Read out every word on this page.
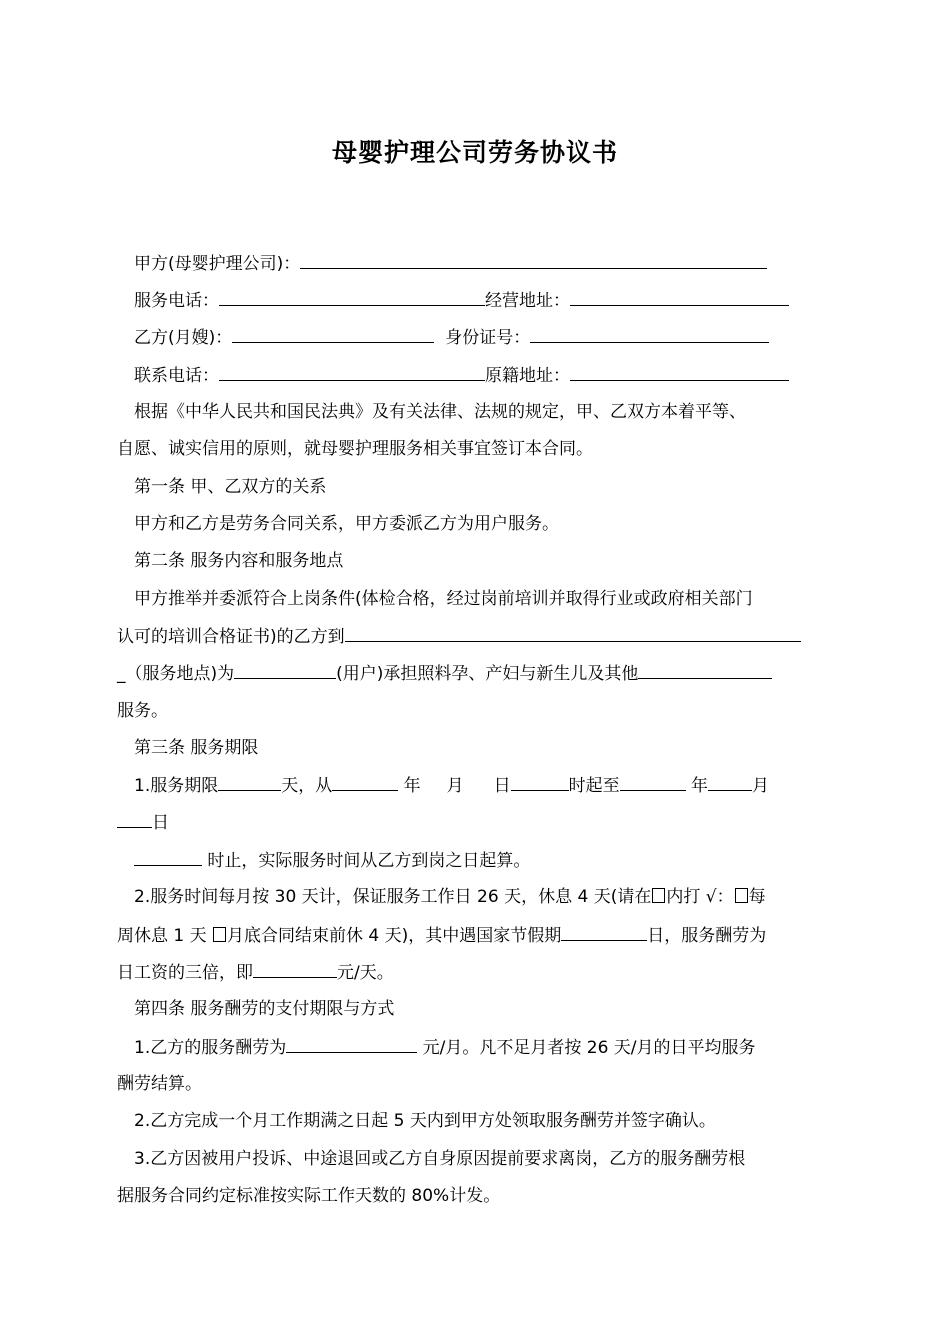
母婴护理公司劳务协议书
甲方(母婴护理公司)：
服务电话：	经营地址：
乙方(月嫂)：	身份证号：
联系电话：	原籍地址：
根据《中华人民共和国民法典》及有关法律、法规的规定，甲、乙双方本着平等、
自愿、诚实信用的原则，就母婴护理服务相关事宜签订本合同。
第一条 甲、乙双方的关系
甲方和乙方是劳务合同关系，甲方委派乙方为用户服务。
第二条 服务内容和服务地点
甲方推举并委派符合上岗条件(体检合格，经过岗前培训并取得行业或政府相关部门
认可的培训合格证书)的乙方到
_（服务地点)为	(用户)承担照料孕、产妇与新生儿及其他
服务。
第三条 服务期限
1.服务期限	天，从	年 月 日	时起至	年	月
日
时止，实际服务时间从乙方到岗之日起算。
2.服务时间每月按 30 天计，保证服务工作日 26 天，休息 4 天(请在 内打 √： 每
周休息 1 天 月底合同结束前休 4 天)，其中遇国家节假期	日，服务酬劳为
日工资的三倍，即	元/天。
第四条 服务酬劳的支付期限与方式
1.乙方的服务酬劳为	元/月。凡不足月者按 26 天/月的日平均服务
酬劳结算。
2.乙方完成一个月工作期满之日起 5 天内到甲方处领取服务酬劳并签字确认。
3.乙方因被用户投诉、中途退回或乙方自身原因提前要求离岗，乙方的服务酬劳根
据服务合同约定标准按实际工作天数的 80%计发。
